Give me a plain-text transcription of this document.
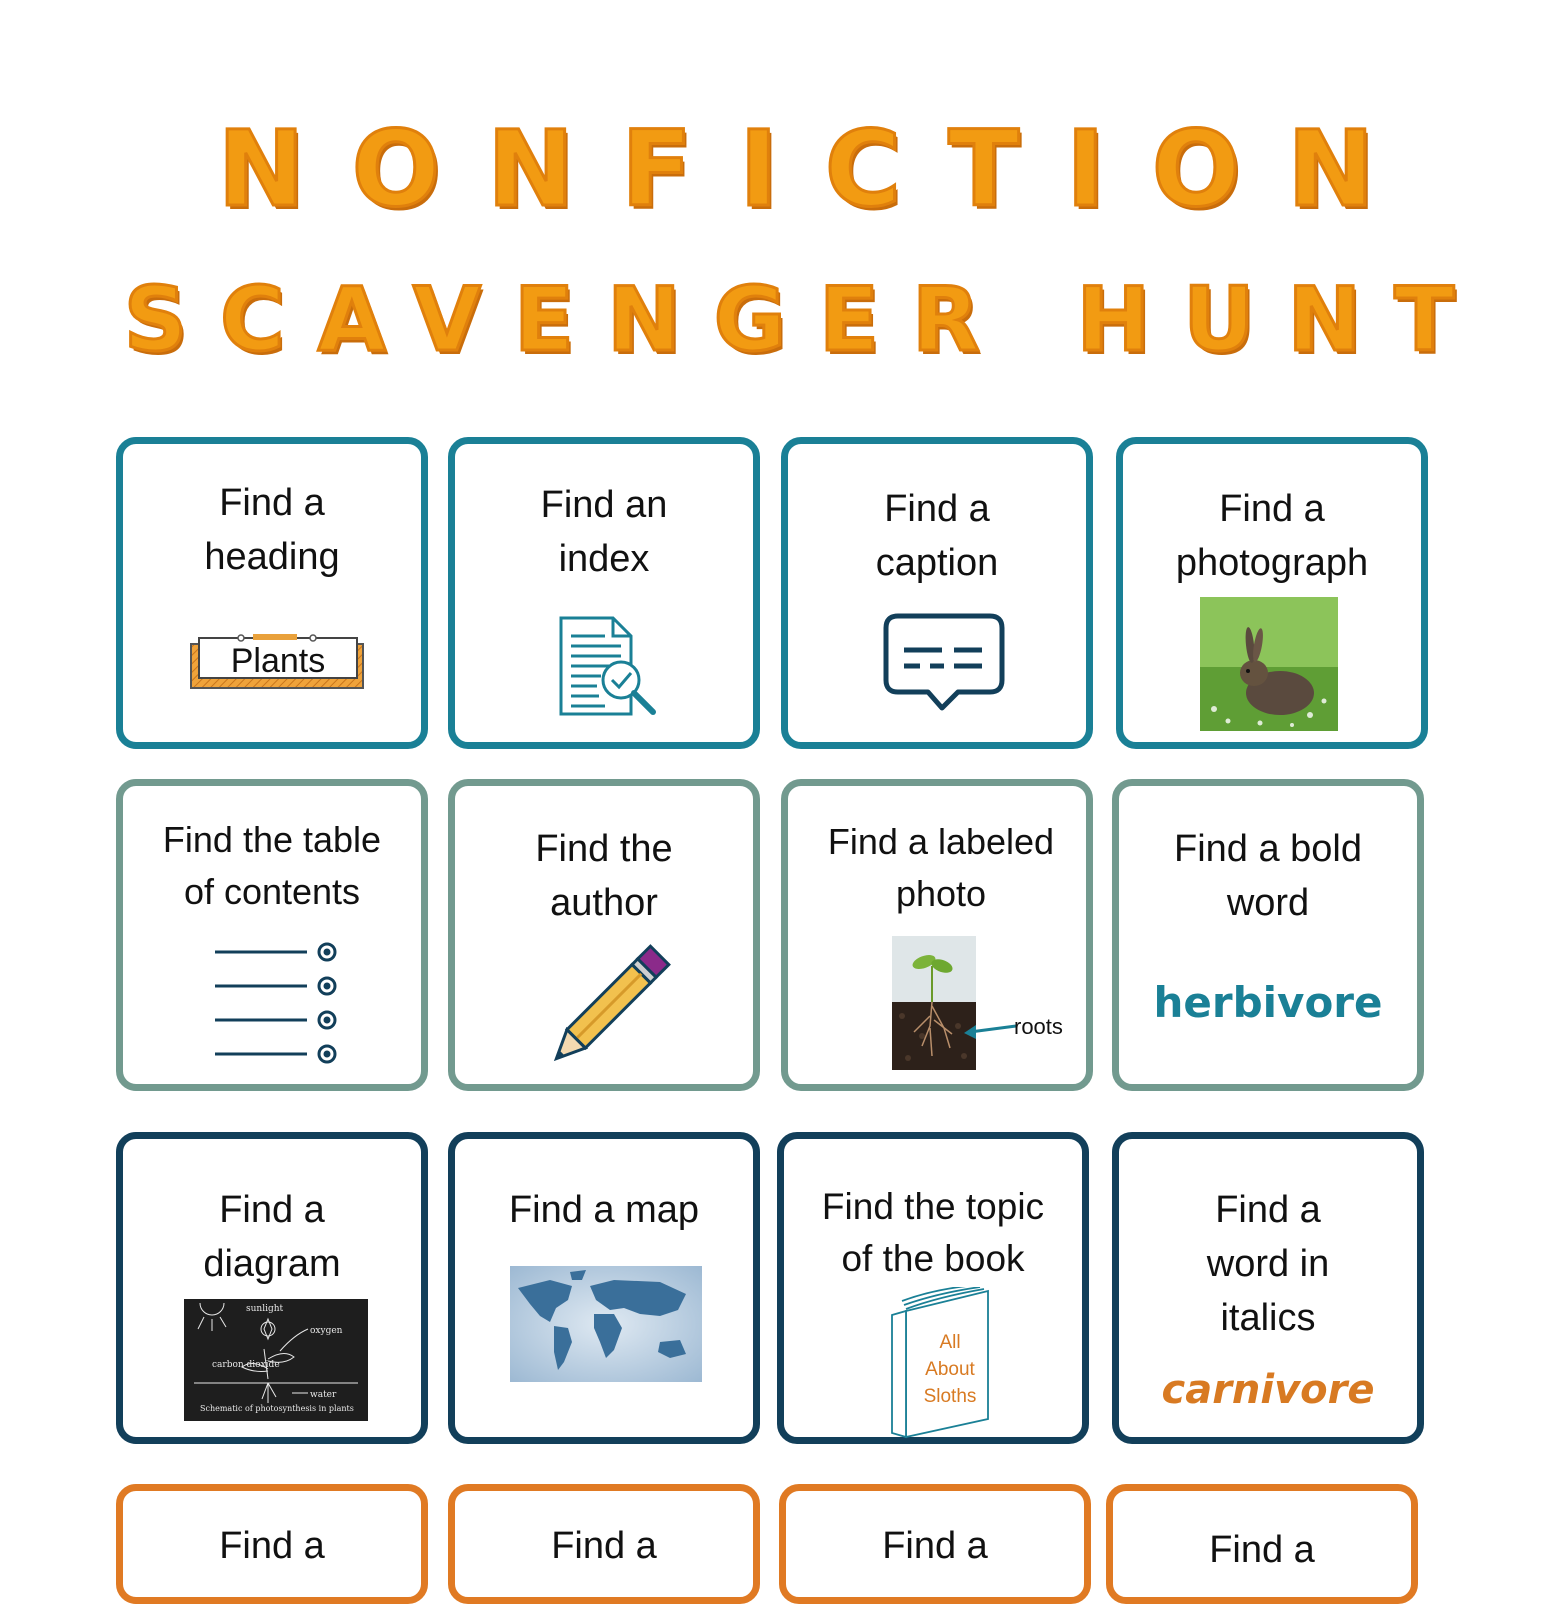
NONFICTION
SCAVENGER HUNT
Find a
heading
Plants
Find an
index
Find a
caption
Find a
photograph
Find the table
of contents
Find the
author
Find a labeled
photo
roots
Find a bold
word
herbivore
Find a
diagram
sunlight
oxygen
carbon dioxide
water
Schematic of photosynthesis in plants
Find a map	Find the topic
of the book
All
About
Sloths
Find a
word in
italics
carnivore
Find a	Find a	Find a	Find a
